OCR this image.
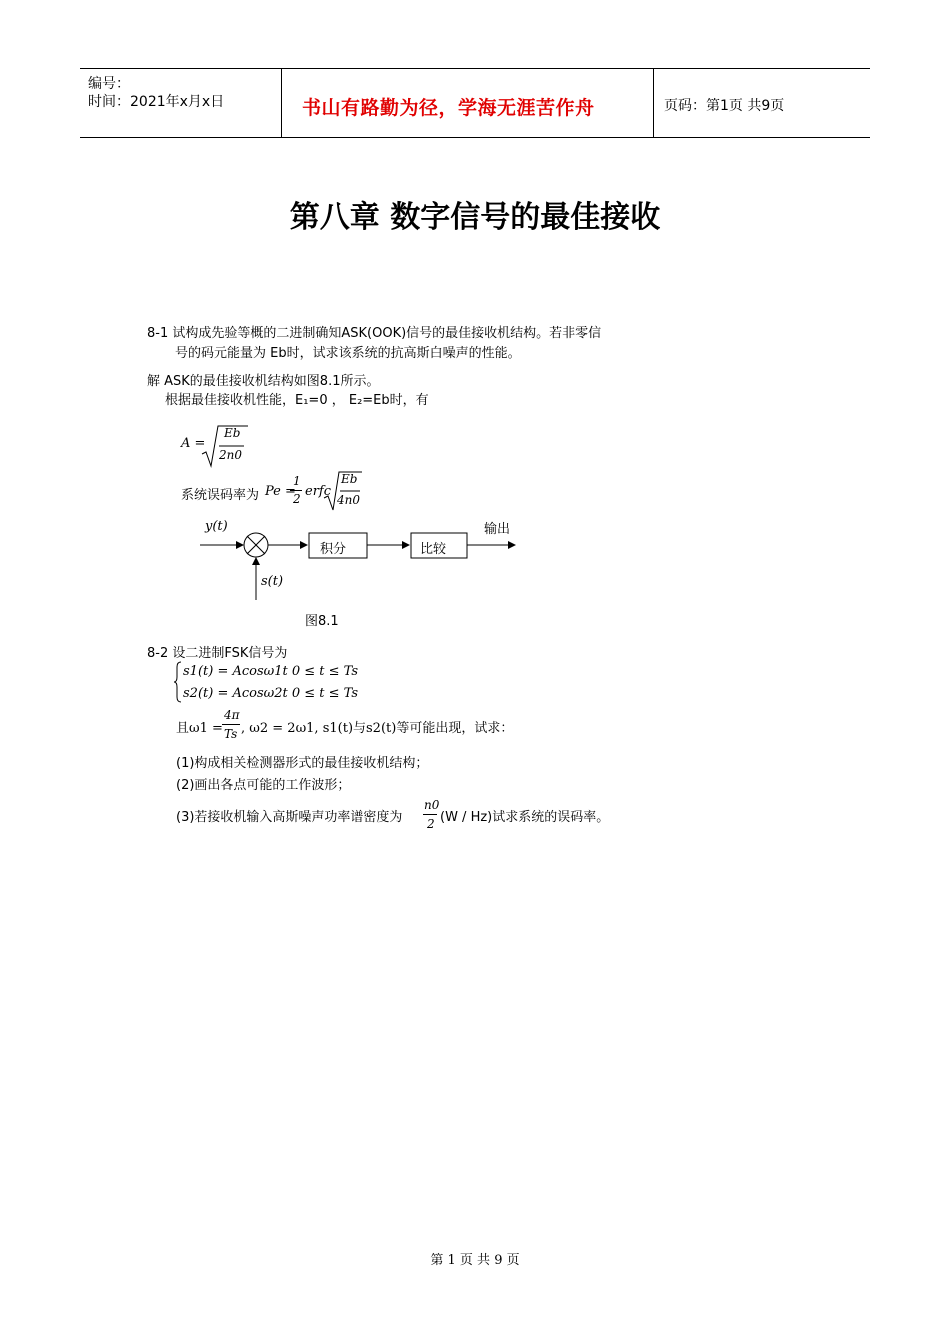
编号：
时间：2021年x月x日	书山有路勤为径，学海无涯苦作舟	页码：第1页 共9页
第八章 数字信号的最佳接收
8-1 试构成先验等概的二进制确知ASK(OOK)信号的最佳接收机结构。若非零信
号的码元能量为 Eb时，试求该系统的抗高斯白噪声的性能。
解 ASK的最佳接收机结构如图8.1所示。
根据最佳接收机性能，E₁=0 ， E₂=Eb时，有
A =
Eb
2n0
系统误码率为 Pe =
1
2 erfc
Eb
4n0
y(t)
s(t)
积分	比较
输出
图8.1
8-2 设二进制FSK信号为
s1(t) = Acosω1t 0 ≤ t ≤ Ts
s2(t) = Acosω2t 0 ≤ t ≤ Ts
且ω1 =
4π
Ts , ω2 = 2ω1, s1(t)与s2(t)等可能出现，试求：
(1)构成相关检测器形式的最佳接收机结构；
(2)画出各点可能的工作波形；
(3)若接收机输入高斯噪声功率谱密度为
n0
2 (W / Hz)试求系统的误码率。
第 1 页 共 9 页
